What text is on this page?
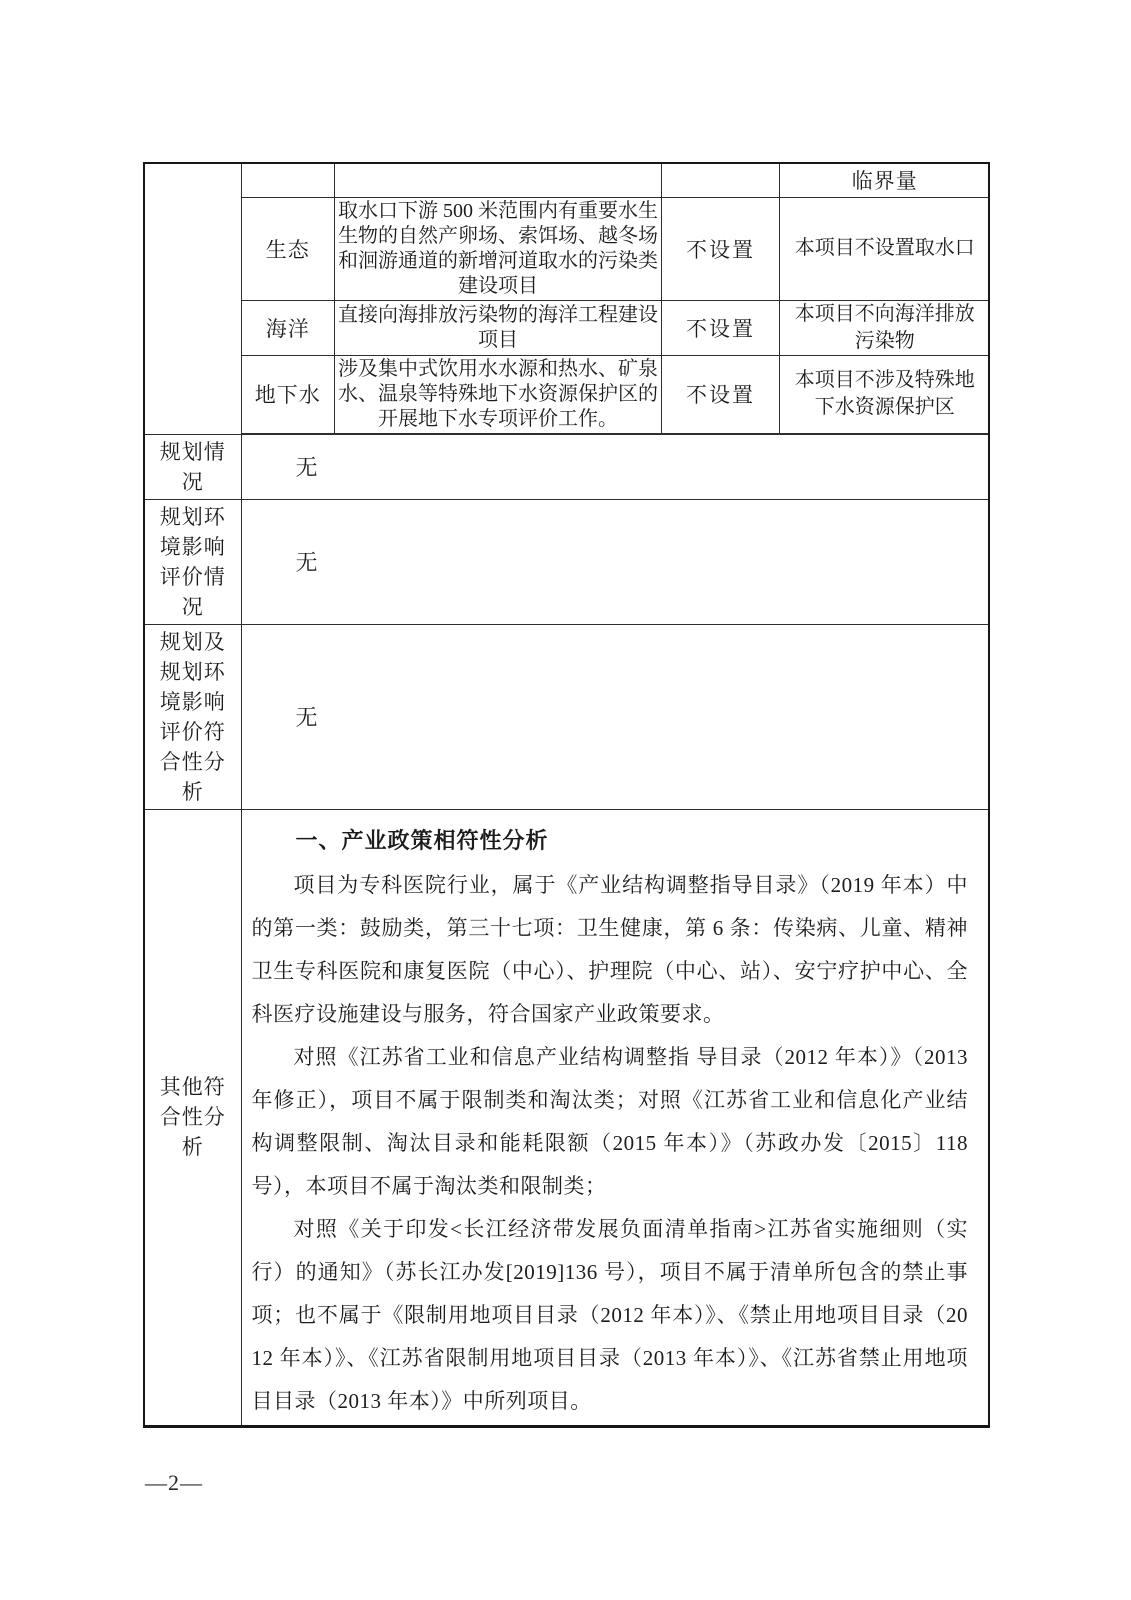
			临界量
生态	取水口下游 500 米范围内有重要水生生物的自然产卵场、索饵场、越冬场和洄游通道的新增河道取水的污染类建设项目	不设置	本项目不设置取水口
海洋	直接向海排放污染物的海洋工程建设项目	不设置	本项目不向海洋排放污染物
地下水	涉及集中式饮用水水源和热水、矿泉水、温泉等特殊地下水资源保护区的开展地下水专项评价工作。	不设置	本项目不涉及特殊地下水资源保护区

规划情况	无
规划环境影响评价情况	无
规划及规划环境影响评价符合性分析	无
其他符合性分析	
一、产业政策相符性分析

项目为专科医院行业，属于《产业结构调整指导目录》（2019 年本）中的第一类：鼓励类，第三十七项：卫生健康，第 6 条：传染病、儿童、精神卫生专科医院和康复医院（中心）、护理院（中心、站）、安宁疗护中心、全科医疗设施建设与服务，符合国家产业政策要求。

对照《江苏省工业和信息产业结构调整指 导目录（2012 年本）》（2013 年修正），项目不属于限制类和淘汰类；对照《江苏省工业和信息化产业结构调整限制、淘汰目录和能耗限额（2015 年本）》（苏政办发〔2015〕118 号），本项目不属于淘汰类和限制类；

对照《关于印发<长江经济带发展负面清单指南>江苏省实施细则（实行）的通知》（苏长江办发[2019]136 号），项目不属于清单所包含的禁止事项；也不属于《限制用地项目目录（2012 年本）》、《禁止用地项目目录（2012 年本）》、《江苏省限制用地项目目录（2013 年本）》、《江苏省禁止用地项目目录（2013 年本）》中所列项目。

—2—
